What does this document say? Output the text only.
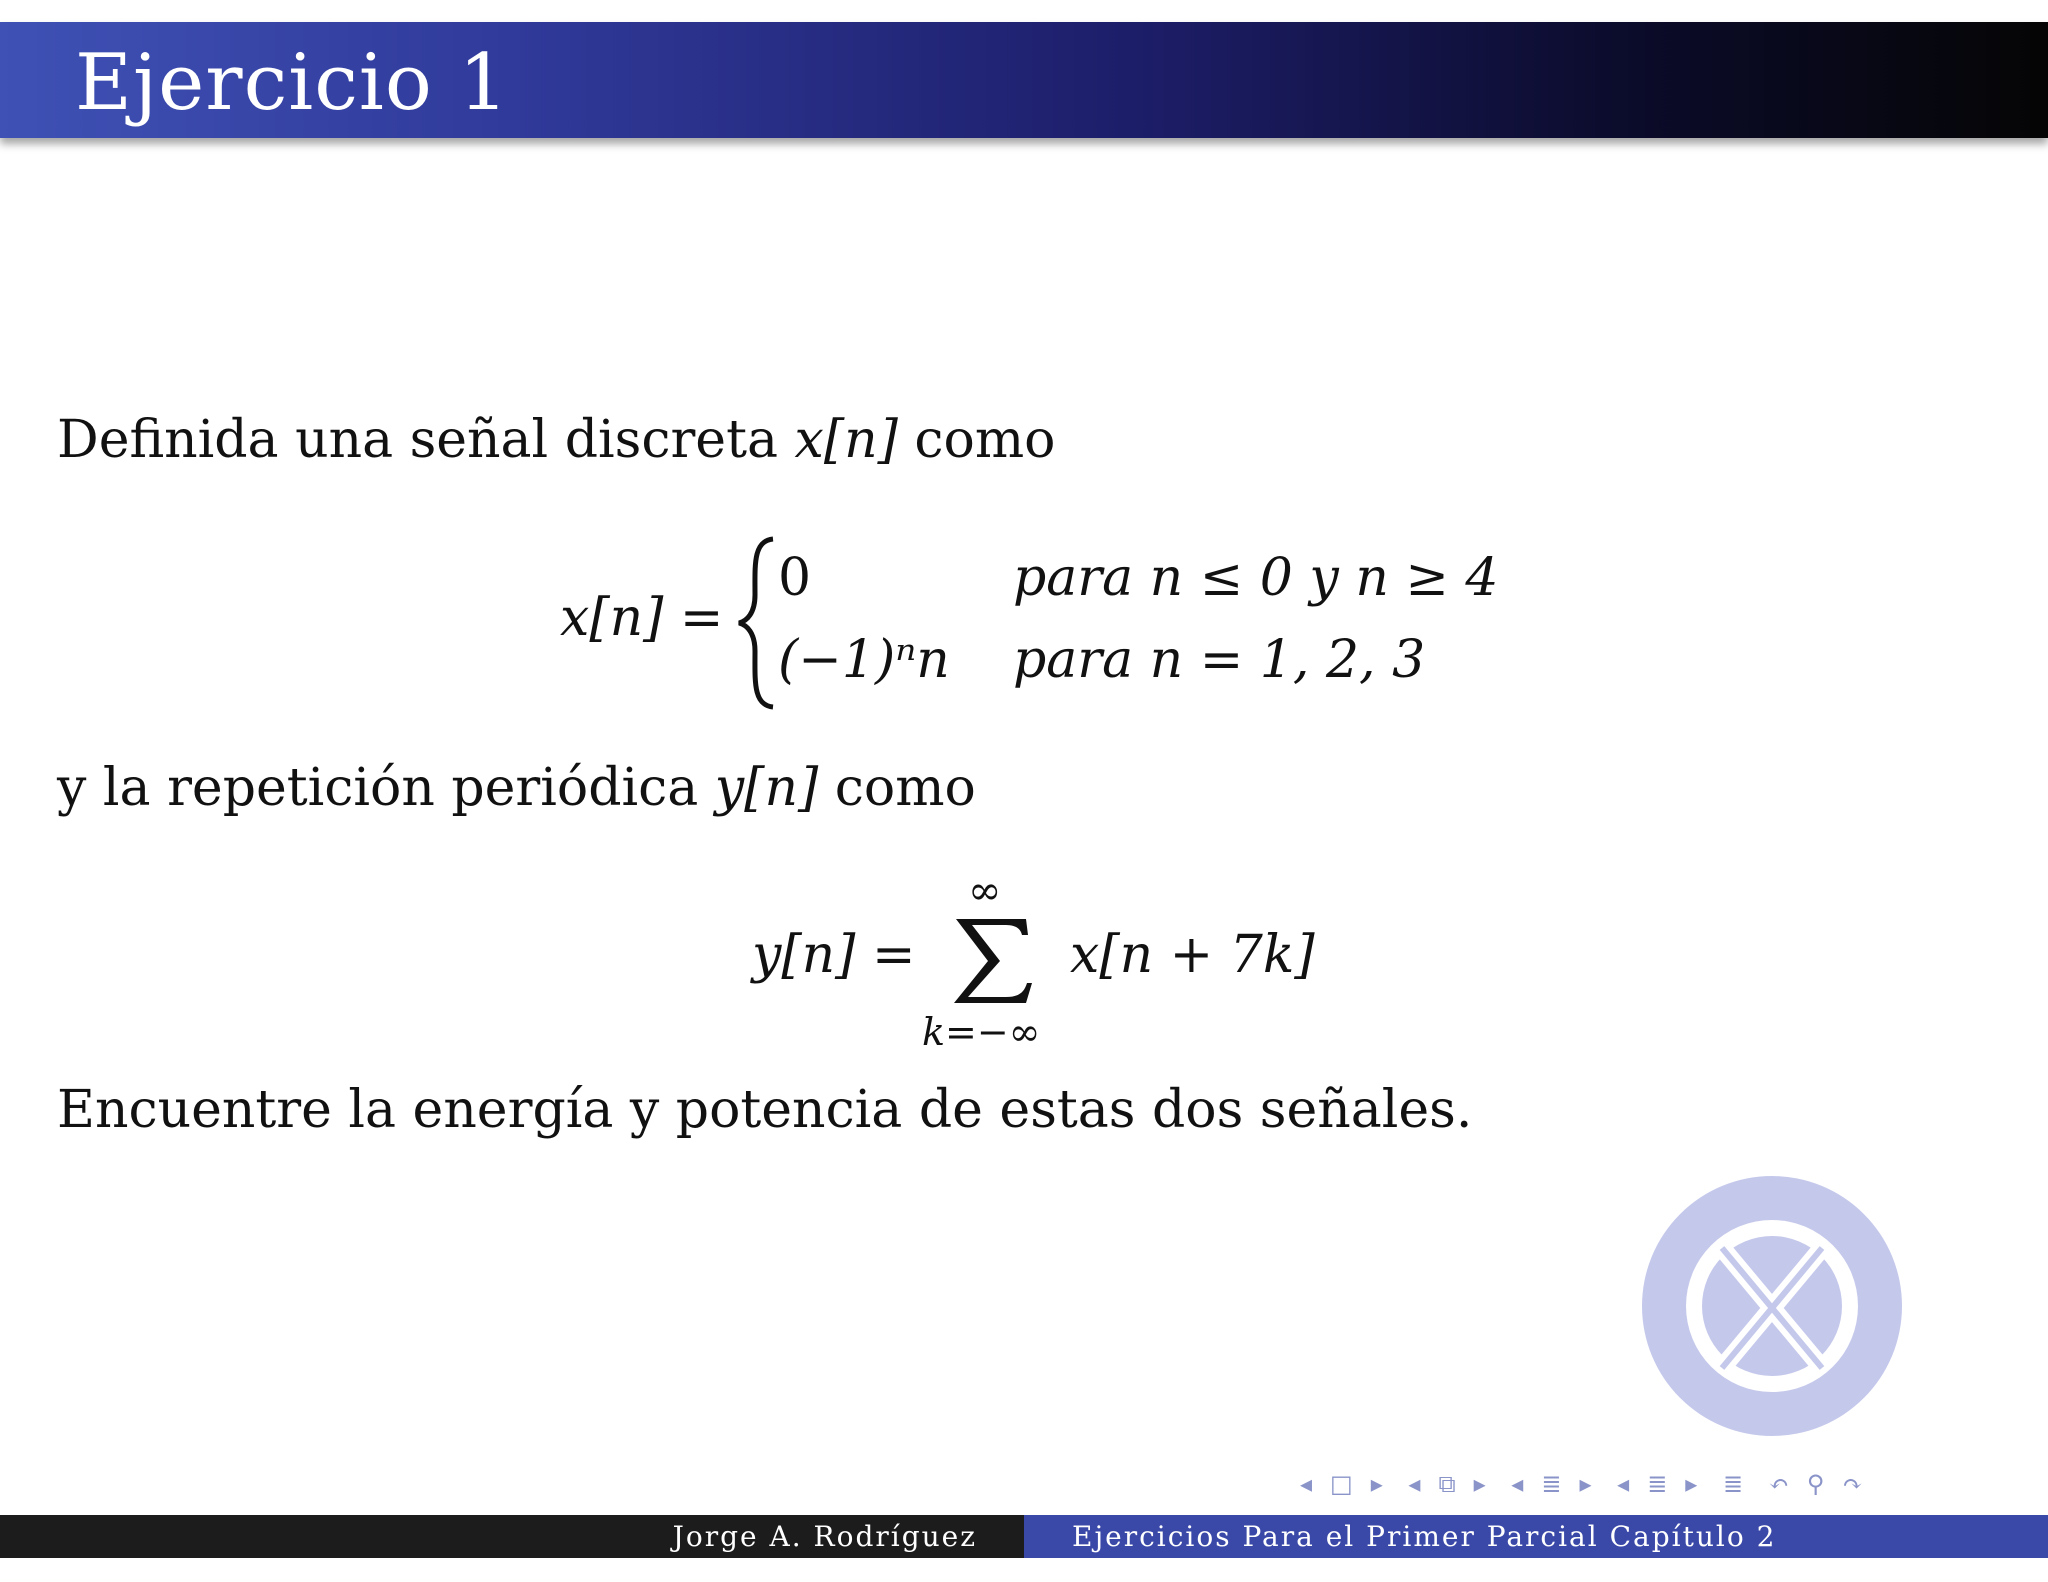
Ejercicio 1
Definida una señal discreta x[n] como
x[n] =
0	para n ≤ 0 y n ≥ 4
(−1)ⁿn para n = 1, 2, 3
y la repetición periódica y[n] como
y[n] =
∞
k=−∞
x[n + 7k]
Encuentre la energía y potencia de estas dos señales.
◂ □ ▸ ◂ ⧉ ▸ ◂ ≣ ▸ ◂ ≣ ▸ ≣ ↶ ⚲ ↷
Jorge A. Rodríguez	Ejercicios Para el Primer Parcial Capítulo 2
